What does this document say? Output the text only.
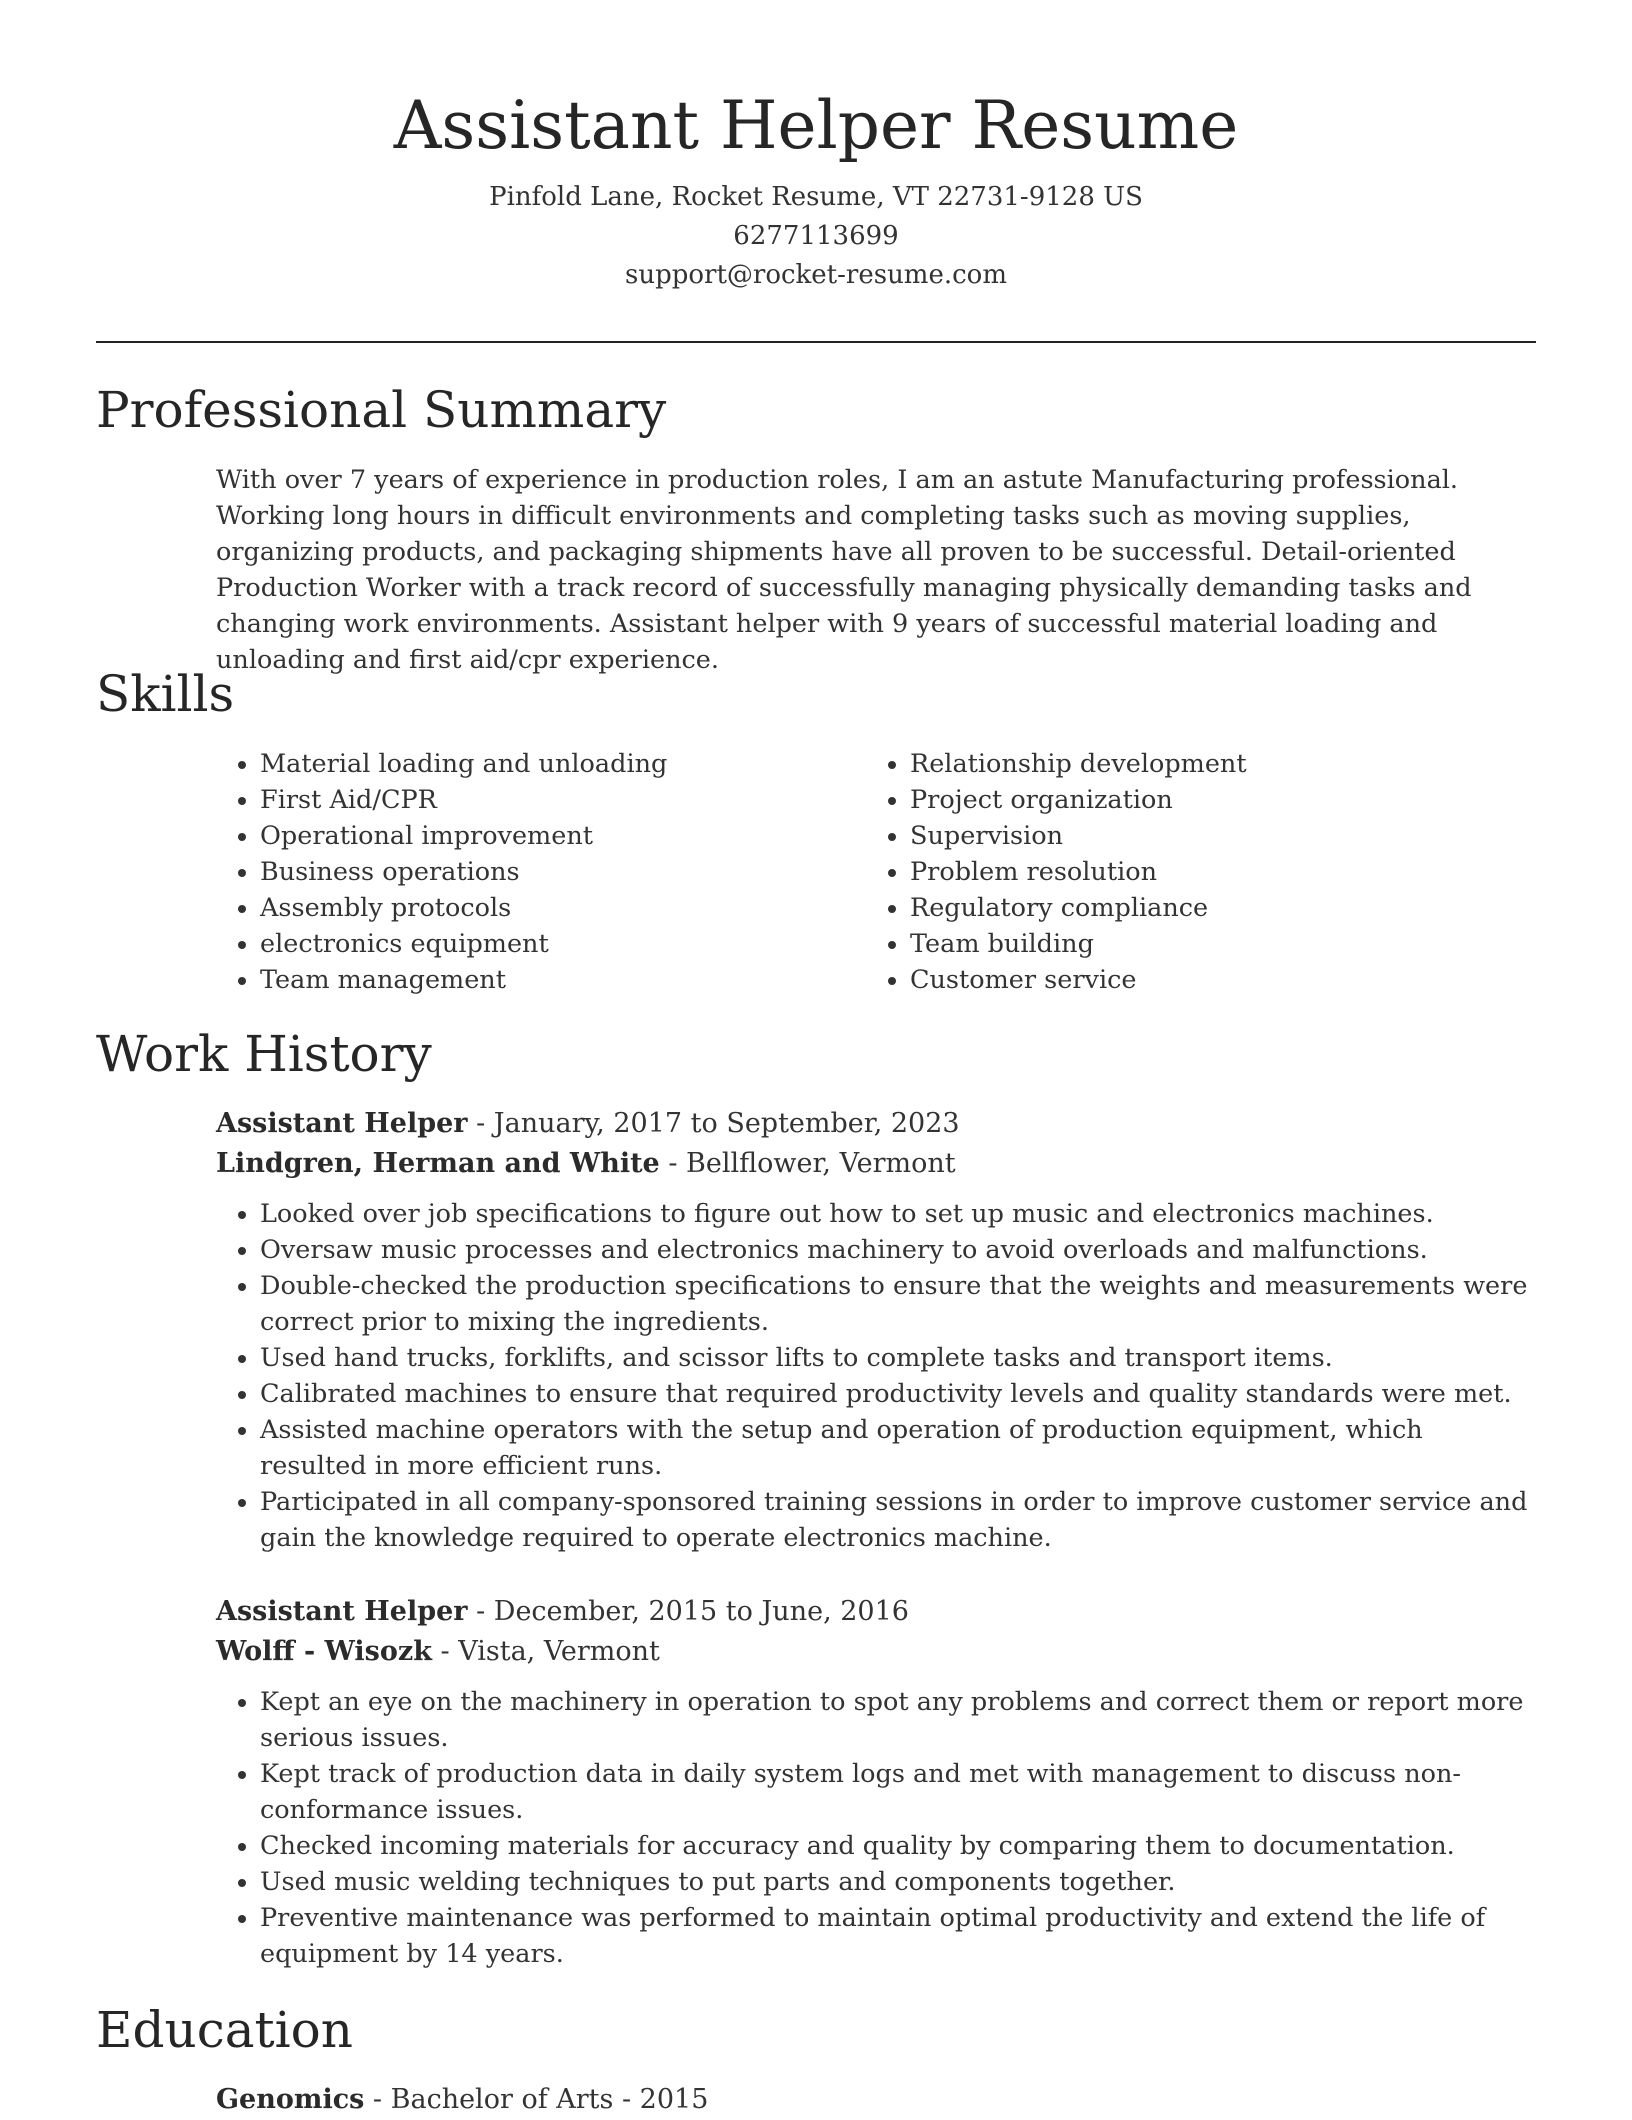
Assistant Helper Resume

Pinfold Lane, Rocket Resume, VT 22731-9128 US

6277113699

support@rocket-resume.com

Professional Summary

With over 7 years of experience in production roles, I am an astute Manufacturing professional. Working long hours in difficult environments and completing tasks such as moving supplies, organizing products, and packaging shipments have all proven to be successful. Detail-oriented Production Worker with a track record of successfully managing physically demanding tasks and changing work environments. Assistant helper with 9 years of successful material loading and unloading and first aid/cpr experience.

Skills
• Material loading and unloading
• First Aid/CPR
• Operational improvement
• Business operations
• Assembly protocols
• electronics equipment
• Team management
• Relationship development
• Project organization
• Supervision
• Problem resolution
• Regulatory compliance
• Team building
• Customer service
Work History

Assistant Helper - January, 2017 to September, 2023

Lindgren, Herman and White - Bellflower, Vermont

• Looked over job specifications to figure out how to set up music and electronics machines.
• Oversaw music processes and electronics machinery to avoid overloads and malfunctions.
• Double-checked the production specifications to ensure that the weights and measurements were correct prior to mixing the ingredients.
• Used hand trucks, forklifts, and scissor lifts to complete tasks and transport items.
• Calibrated machines to ensure that required productivity levels and quality standards were met.
• Assisted machine operators with the setup and operation of production equipment, which resulted in more efficient runs.
• Participated in all company-sponsored training sessions in order to improve customer service and gain the knowledge required to operate electronics machine.

Assistant Helper - December, 2015 to June, 2016

Wolff - Wisozk - Vista, Vermont

• Kept an eye on the machinery in operation to spot any problems and correct them or report more serious issues.
• Kept track of production data in daily system logs and met with management to discuss non-conformance issues.
• Checked incoming materials for accuracy and quality by comparing them to documentation.
• Used music welding techniques to put parts and components together.
• Preventive maintenance was performed to maintain optimal productivity and extend the life of equipment by 14 years.
Education

Genomics - Bachelor of Arts - 2015
